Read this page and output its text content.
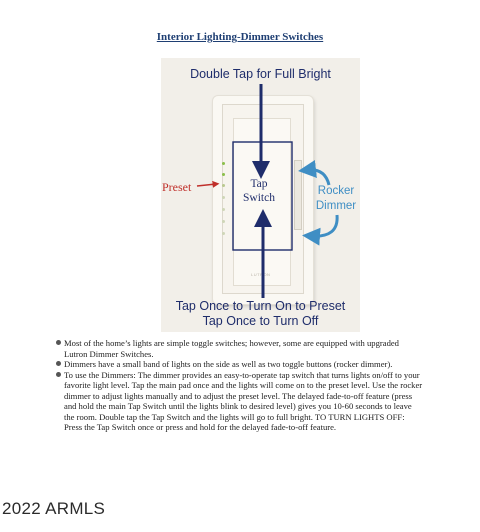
Interior Lighting-Dimmer Switches
LUTRON
Double Tap for Full Bright
Tap
Switch
Preset	Rocker
Dimmer
Tap Once to Turn On to Preset
Tap Once to Turn Off
Most of the home’s lights are simple toggle switches; however, some are equipped with upgraded Lutron Dimmer Switches.
Dimmers have a small band of lights on the side as well as two toggle buttons (rocker dimmer).
To use the Dimmers: The dimmer provides an easy-to-operate tap switch that turns lights on/off to your favorite light level. Tap the main pad once and the lights will come on to the preset level. Use the rocker dimmer to adjust lights manually and to adjust the preset level. The delayed fade-to-off feature (press and hold the main Tap Switch until the lights blink to desired level) gives you 10-60 seconds to leave the room. Double tap the Tap Switch and the lights will go to full bright. TO TURN LIGHTS OFF: Press the Tap Switch once or press and hold for the delayed fade-to-off feature.
2022 ARMLS
